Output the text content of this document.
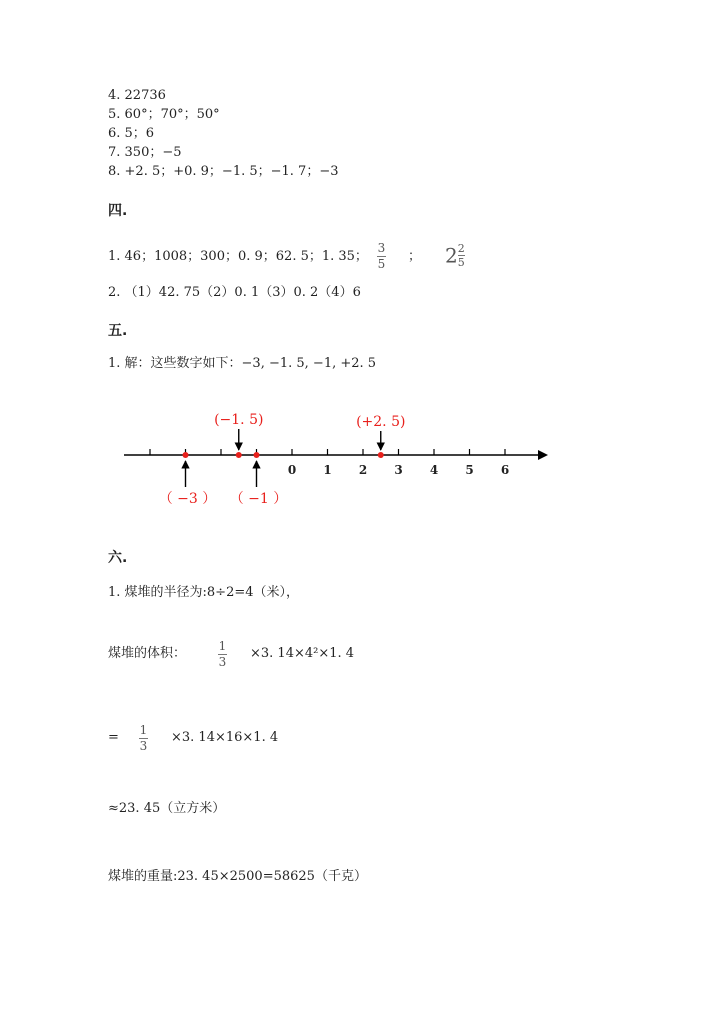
4. 22736
5. 60°；70°；50°
6. 5；6
7. 350；−5
8. +2. 5；+0. 9；−1. 5；−1. 7；−3
四.
1. 46；1008；300；0. 9；62. 5；1. 35；
3
5 ； $2 \frac{2}{5}$
2. （1）42. 75（2）0. 1（3）0. 2（4）6
五.
1. 解：这些数字如下：−3, −1. 5, −1, +2. 5
0 1 2 3 4 5 6
(−1. 5)	(+2. 5)
（ −3 ） （ −1 ）
六.
1. 煤堆的半径为:8÷2=4（米），
煤堆的体积：	1
3
×3. 14×4²×1. 4
= 1
3
×3. 14×16×1. 4
≈23. 45（立方米）
煤堆的重量:23. 45×2500=58625（千克）
